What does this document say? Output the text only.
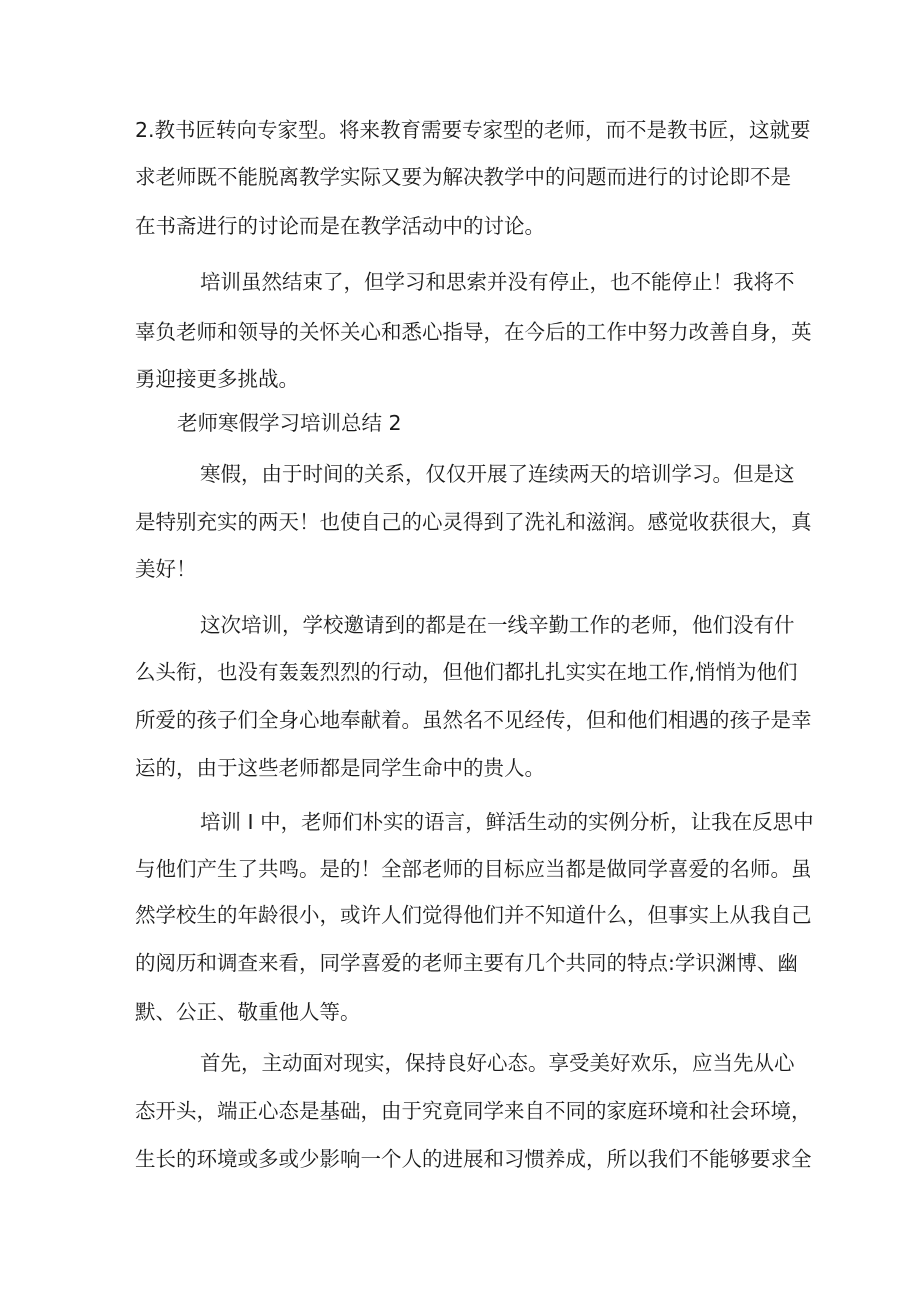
2.教书匠转向专家型。将来教育需要专家型的老师，而不是教书匠，这就要
求老师既不能脱离教学实际又要为解决教学中的问题而进行的讨论即不是
在书斋进行的讨论而是在教学活动中的讨论。
培训虽然结束了，但学习和思索并没有停止，也不能停止！我将不
辜负老师和领导的关怀关心和悉心指导，在今后的工作中努力改善自身，英
勇迎接更多挑战。
老师寒假学习培训总结 2
寒假，由于时间的关系，仅仅开展了连续两天的培训学习。但是这
是特别充实的两天！也使自己的心灵得到了洗礼和滋润。感觉收获很大，真
美好！
这次培训，学校邀请到的都是在一线辛勤工作的老师，他们没有什
么头衔，也没有轰轰烈烈的行动，但他们都扎扎实实在地工作,悄悄为他们
所爱的孩子们全身心地奉献着。虽然名不见经传，但和他们相遇的孩子是幸
运的，由于这些老师都是同学生命中的贵人。
培训 I 中，老师们朴实的语言，鲜活生动的实例分析，让我在反思中
与他们产生了共鸣。是的！全部老师的目标应当都是做同学喜爱的名师。虽
然学校生的年龄很小，或许人们觉得他们并不知道什么，但事实上从我自己
的阅历和调查来看，同学喜爱的老师主要有几个共同的特点:学识渊博、幽
默、公正、敬重他人等。
首先，主动面对现实，保持良好心态。享受美好欢乐，应当先从心
态开头，端正心态是基础，由于究竟同学来自不同的家庭环境和社会环境，
生长的环境或多或少影响一个人的进展和习惯养成，所以我们不能够要求全
